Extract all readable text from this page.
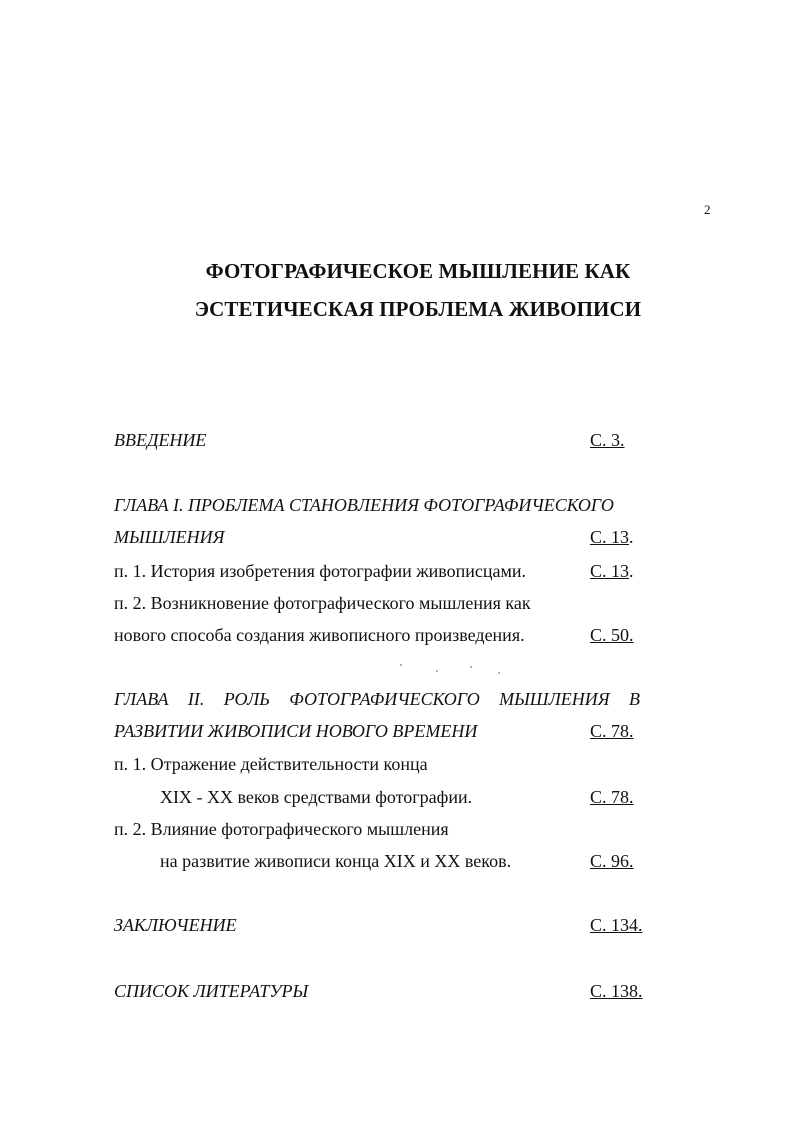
2
ФОТОГРАФИЧЕСКОЕ МЫШЛЕНИЕ КАК
ЭСТЕТИЧЕСКАЯ ПРОБЛЕМА ЖИВОПИСИ
ВВЕДЕНИЕ	С. 3.
ГЛАВА I. ПРОБЛЕМА СТАНОВЛЕНИЯ ФОТОГРАФИЧЕСКОГО
МЫШЛЕНИЯ	С. 13.
п. 1. История изобретения фотографии живописцами.	С. 13.
п. 2. Возникновение фотографического мышления как
нового способа создания живописного произведения.	С. 50.
ГЛАВА II. РОЛЬ ФОТОГРАФИЧЕСКОГО МЫШЛЕНИЯ В
РАЗВИТИИ ЖИВОПИСИ НОВОГО ВРЕМЕНИ	С. 78.
п. 1. Отражение действительности конца
XIX - XX веков средствами фотографии.	С. 78.
п. 2. Влияние фотографического мышления
на развитие живописи конца XIX и XX веков.	С. 96.
ЗАКЛЮЧЕНИЕ	С. 134.
СПИСОК ЛИТЕРАТУРЫ	С. 138.
